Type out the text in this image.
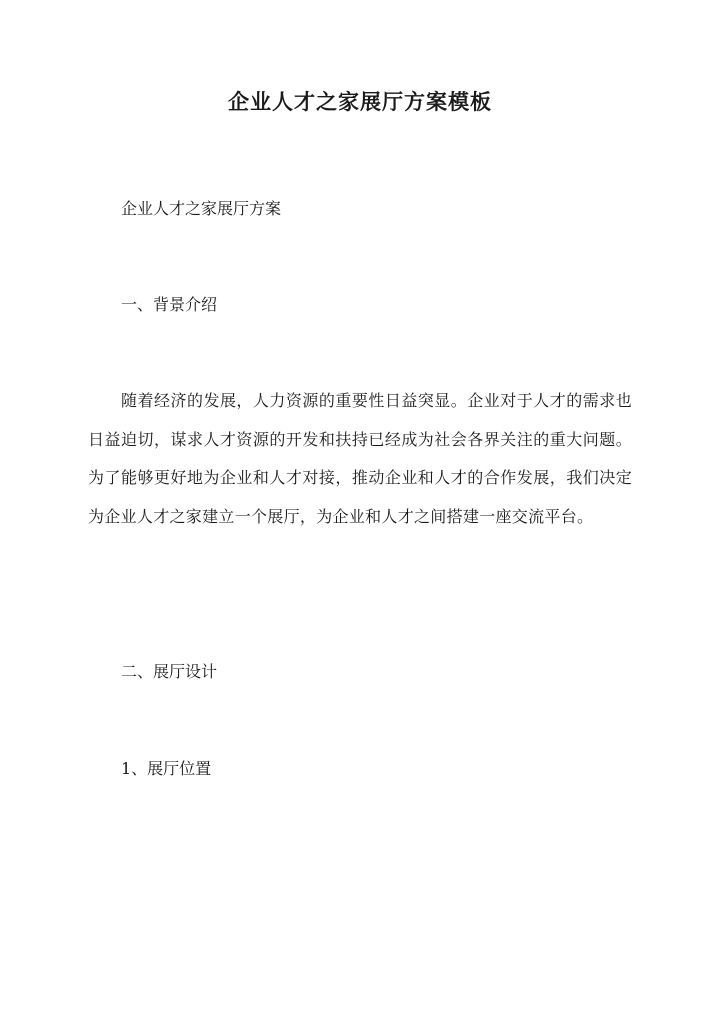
企业人才之家展厅方案模板

企业人才之家展厅方案

一、背景介绍

随着经济的发展，人力资源的重要性日益突显。企业对于人才的需求也日益迫切，谋求人才资源的开发和扶持已经成为社会各界关注的重大问题。为了能够更好地为企业和人才对接，推动企业和人才的合作发展，我们决定为企业人才之家建立一个展厅，为企业和人才之间搭建一座交流平台。

二、展厅设计

1、展厅位置
